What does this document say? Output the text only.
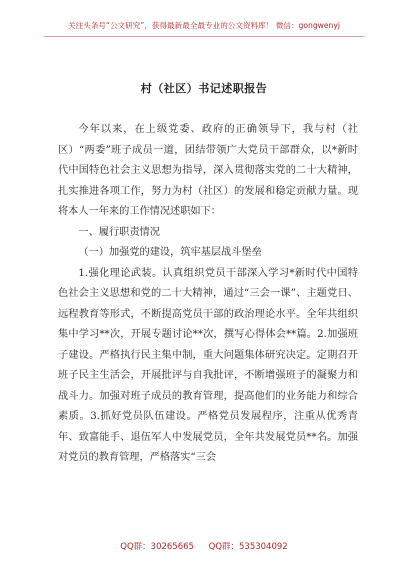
关注头条号“公文研究”，获得最新最全最专业的公文资料库！ 微信：gongwenyj
村（社区）书记述职报告

今年以来，在上级党委、政府的正确领导下，我与村（社区）“两委”班子成员一道，团结带领广大党员干部群众，以*新时代中国特色社会主义思想为指导，深入贯彻落实党的二十大精神，扎实推进各项工作，努力为村（社区）的发展和稳定贡献力量。现将本人一年来的工作情况述职如下：

一、履行职责情况

（一）加强党的建设，筑牢基层战斗堡垒

1.强化理论武装。认真组织党员干部深入学习*新时代中国特色社会主义思想和党的二十大精神，通过“三会一课”、主题党日、远程教育等形式，不断提高党员干部的政治理论水平。全年共组织集中学习**次，开展专题讨论**次，撰写心得体会**篇。2.加强班子建设。严格执行民主集中制，重大问题集体研究决定。定期召开班子民主生活会，开展批评与自我批评，不断增强班子的凝聚力和战斗力。加强对班子成员的教育管理，提高他们的业务能力和综合素质。3.抓好党员队伍建设。严格党员发展程序，注重从优秀青年、致富能手、退伍军人中发展党员，全年共发展党员**名。加强对党员的教育管理，严格落实“三会

QQ群：30265665 QQ群：535304092
